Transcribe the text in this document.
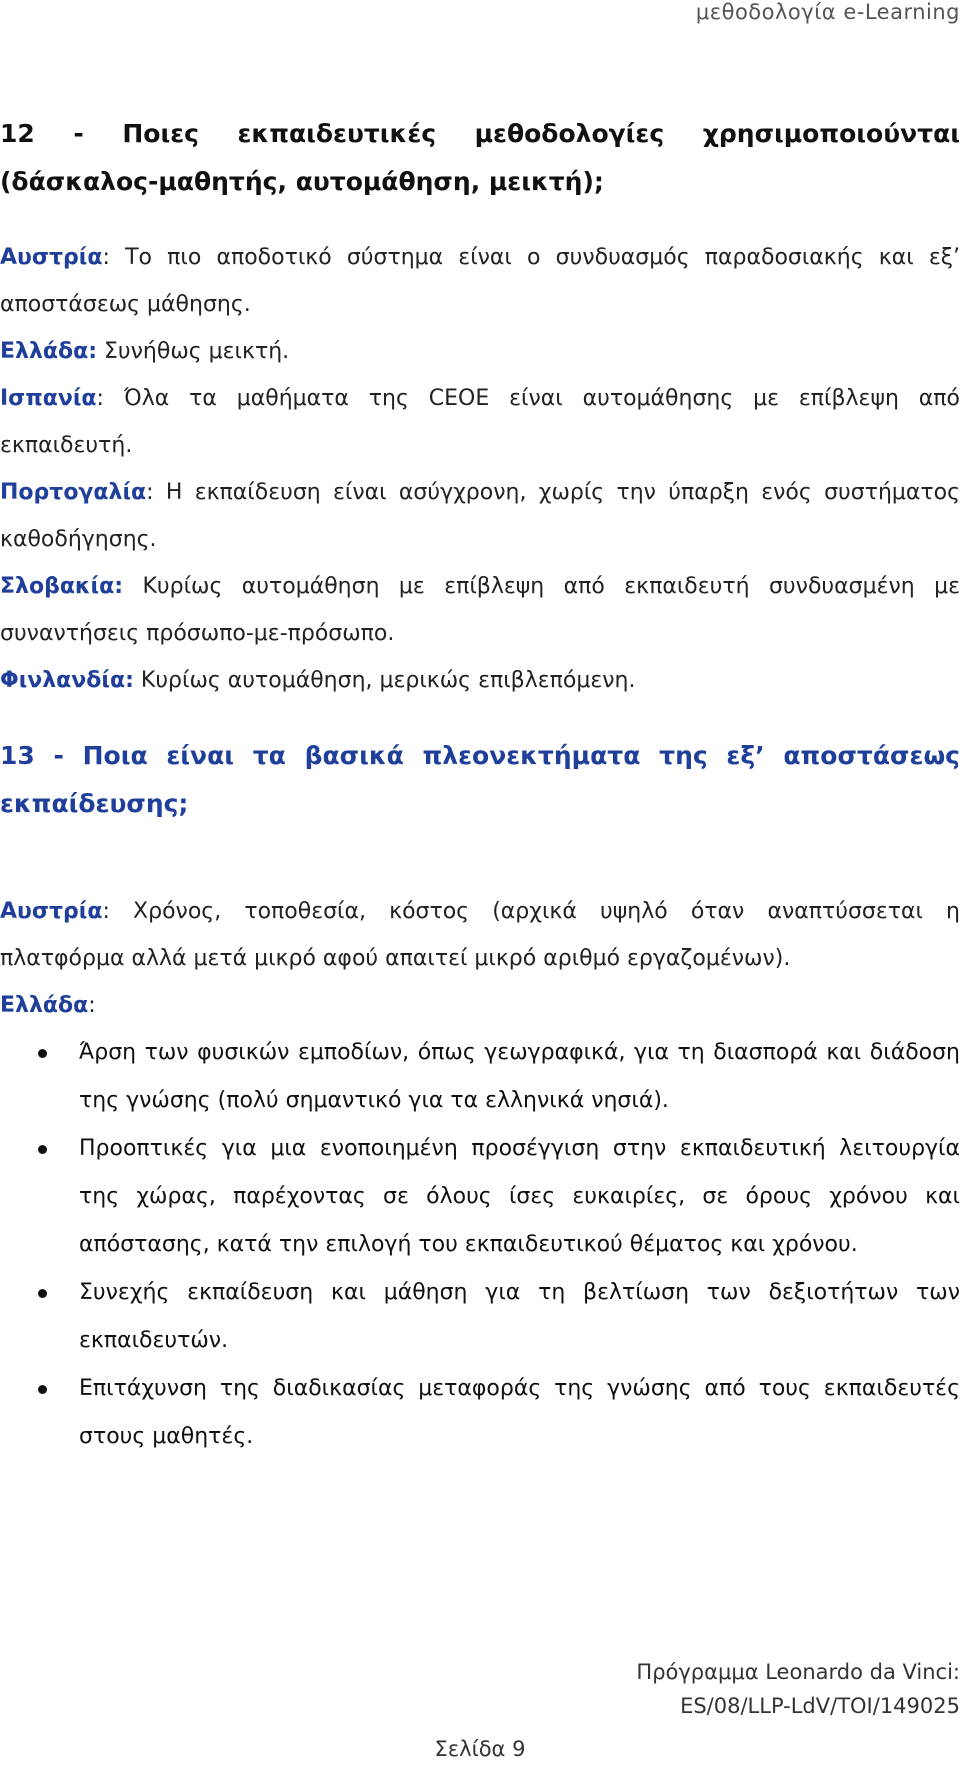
μεθοδολογία e-Learning

12 - Ποιες εκπαιδευτικές μεθοδολογίες χρησιμοποιούνται
(δάσκαλος-μαθητής, αυτομάθηση, μεικτή);

Αυστρία: Το πιο αποδοτικό σύστημα είναι ο συνδυασμός παραδοσιακής και εξ’ αποστάσεως μάθησης.

Ελλάδα: Συνήθως μεικτή.

Ισπανία: Όλα τα μαθήματα της CEOE είναι αυτομάθησης με επίβλεψη από εκπαιδευτή.

Πορτογαλία: Η εκπαίδευση είναι ασύγχρονη, χωρίς την ύπαρξη ενός συστήματος καθοδήγησης.

Σλοβακία: Κυρίως αυτομάθηση με επίβλεψη από εκπαιδευτή συνδυασμένη με συναντήσεις πρόσωπο-με-πρόσωπο.

Φινλανδία: Κυρίως αυτομάθηση, μερικώς επιβλεπόμενη.

13 - Ποια είναι τα βασικά πλεονεκτήματα της εξ’ αποστάσεως
εκπαίδευσης;

Αυστρία: Χρόνος, τοποθεσία, κόστος (αρχικά υψηλό όταν αναπτύσσεται η πλατφόρμα αλλά μετά μικρό αφού απαιτεί μικρό αριθμό εργαζομένων).

Ελλάδα:

Άρση των φυσικών εμποδίων, όπως γεωγραφικά, για τη διασπορά και διάδοση της γνώσης (πολύ σημαντικό για τα ελληνικά νησιά).
Προοπτικές για μια ενοποιημένη προσέγγιση στην εκπαιδευτική λειτουργία της χώρας, παρέχοντας σε όλους ίσες ευκαιρίες, σε όρους χρόνου και απόστασης, κατά την επιλογή του εκπαιδευτικού θέματος και χρόνου.
Συνεχής εκπαίδευση και μάθηση για τη βελτίωση των δεξιοτήτων των εκπαιδευτών.
Επιτάχυνση της διαδικασίας μεταφοράς της γνώσης από τους εκπαιδευτές στους μαθητές.
Πρόγραμμα Leonardo da Vinci:
ES/08/LLP-LdV/TOI/149025
Σελίδα 9
